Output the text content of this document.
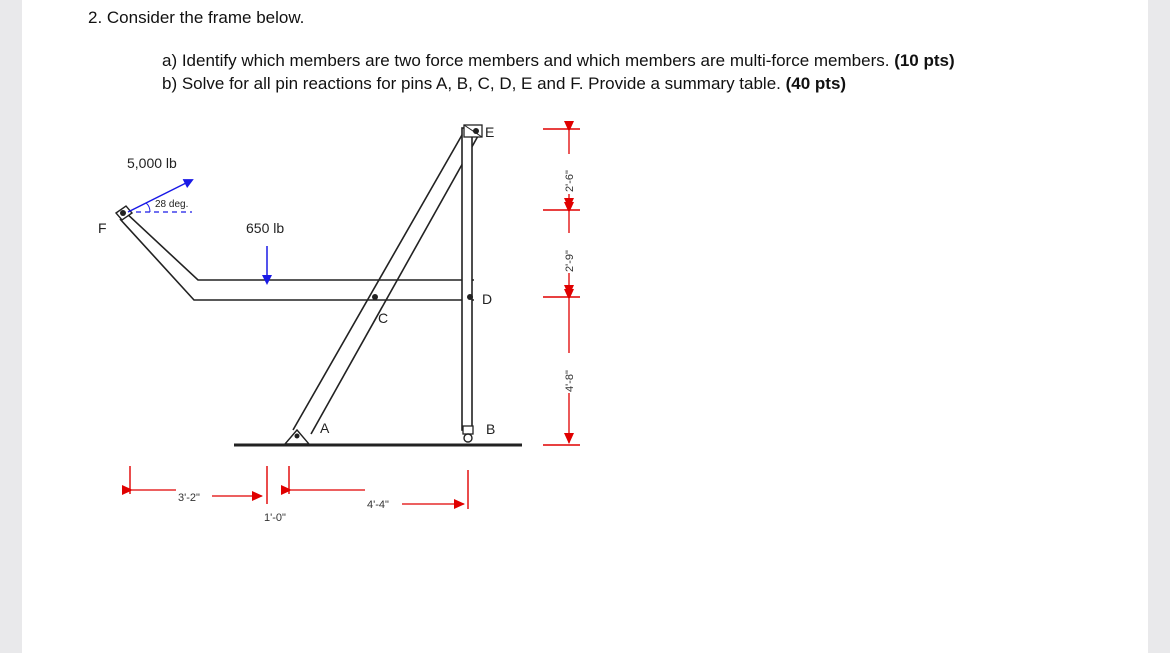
2. Consider the frame below.
a) Identify which members are two force members and which members are multi-force members. (10 pts)
b) Solve for all pin reactions for pins A, B, C, D, E and F. Provide a summary table. (40 pts)
F
E
D
C
A	B
5,000 lb
28 deg.
650 lb
3'-2"
1'-0"
4'-4"
2'-6"
2'-9"
4'-8"
